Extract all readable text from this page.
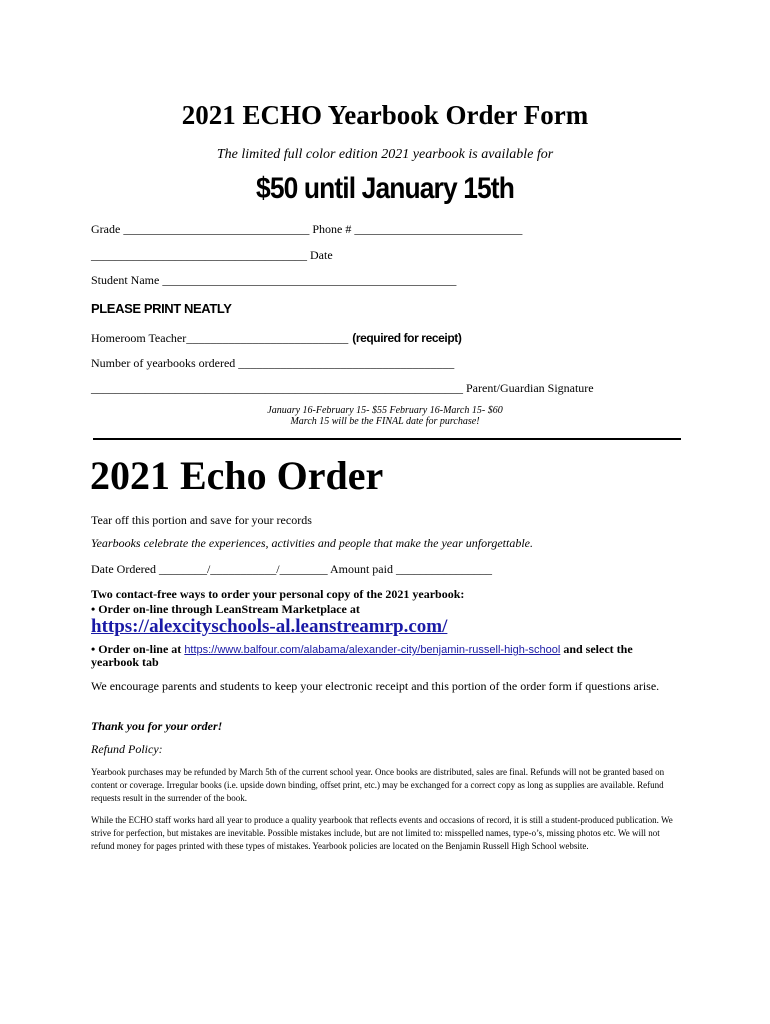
2021 ECHO Yearbook Order Form
The limited full color edition 2021 yearbook is available for
$50 until January 15th
Grade _______________________________ Phone # ____________________________
____________________________________ Date
Student Name _________________________________________________
PLEASE PRINT NEATLY
Homeroom Teacher___________________________ (required for receipt)
Number of yearbooks ordered ____________________________________
______________________________________________________________ Parent/Guardian Signature
January 16-February 15- $55 February 16-March 15- $60
March 15 will be the FINAL date for purchase!
2021 Echo Order
Tear off this portion and save for your records
Yearbooks celebrate the experiences, activities and people that make the year unforgettable.
Date Ordered ________/___________/________ Amount paid ________________
Two contact-free ways to order your personal copy of the 2021 yearbook:
• Order on-line through LeanStream Marketplace at
https://alexcityschools-al.leanstreamrp.com/
• Order on-line at https://www.balfour.com/alabama/alexander-city/benjamin-russell-high-school and select the
yearbook tab
We encourage parents and students to keep your electronic receipt and this portion of the order form if questions arise.
Thank you for your order!
Refund Policy:
Yearbook purchases may be refunded by March 5th of the current school year. Once books are distributed, sales are final. Refunds will not be granted based on content or coverage. Irregular books (i.e. upside down binding, offset print, etc.) may be exchanged for a correct copy as long as supplies are available. Refund requests result in the surrender of the book.
While the ECHO staff works hard all year to produce a quality yearbook that reflects events and occasions of record, it is still a student-produced publication. We strive for perfection, but mistakes are inevitable. Possible mistakes include, but are not limited to: misspelled names, type-o’s, missing photos etc. We will not refund money for pages printed with these types of mistakes. Yearbook policies are located on the Benjamin Russell High School website.
